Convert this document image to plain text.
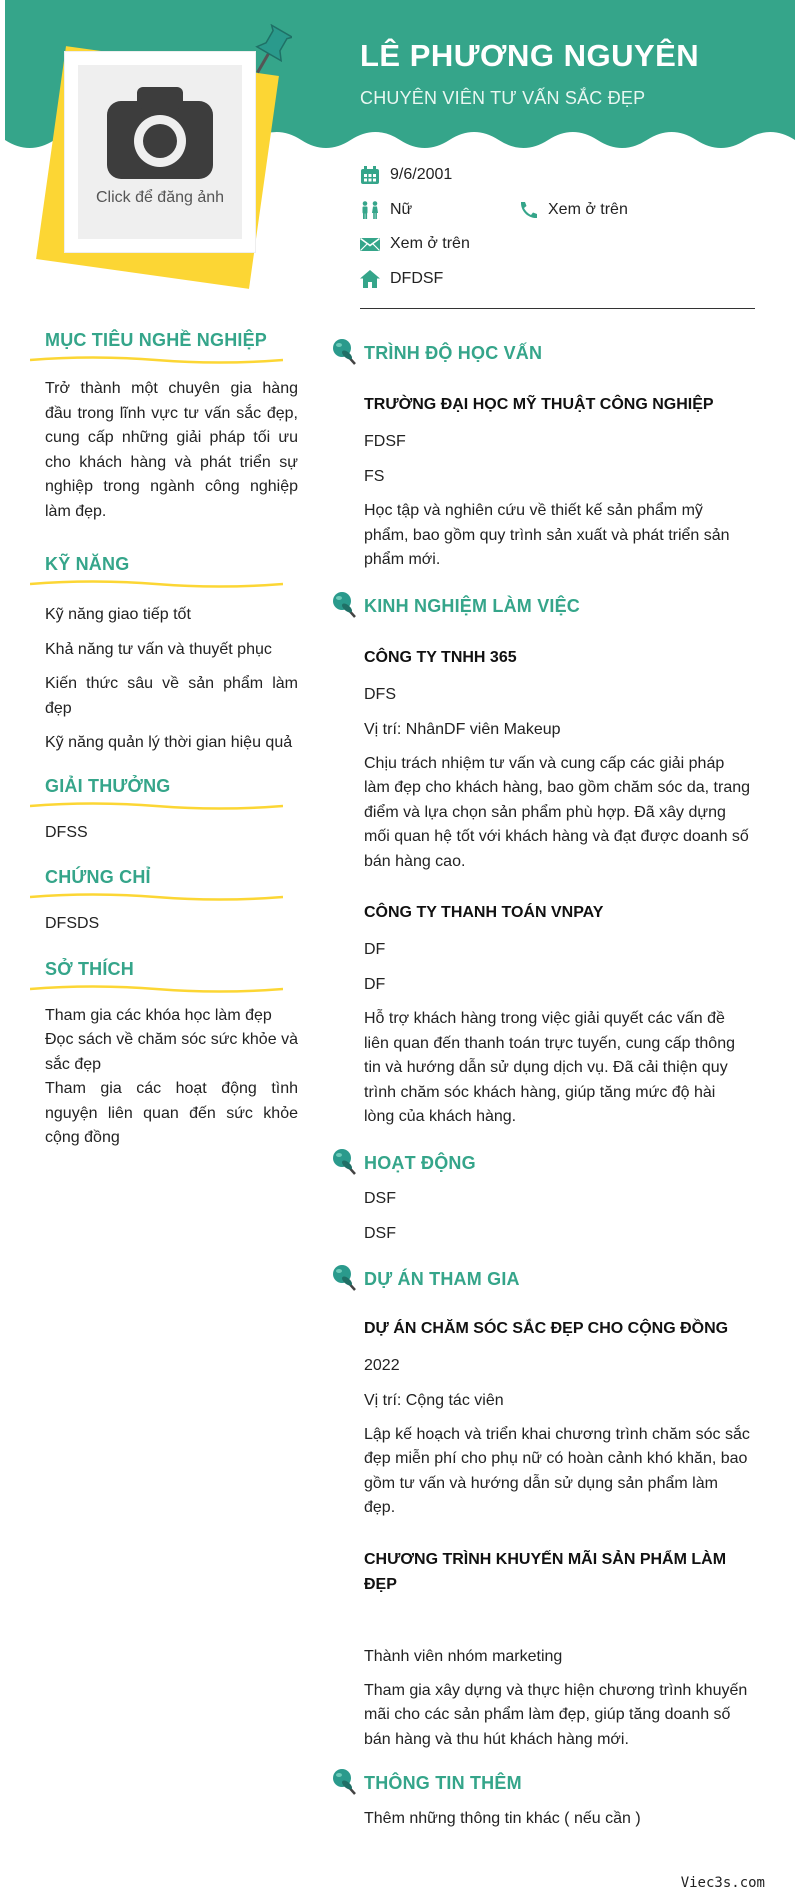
LÊ PHƯƠNG NGUYÊN
CHUYÊN VIÊN TƯ VẤN SẮC ĐẸP
Click để đăng ảnh
9/6/2001
Nữ	Xem ở trên
Xem ở trên
DFDSF
MỤC TIÊU NGHỀ NGHIỆP

Trở thành một chuyên gia hàng đầu trong lĩnh vực tư vấn sắc đẹp, cung cấp những giải pháp tối ưu cho khách hàng và phát triển sự nghiệp trong ngành công nghiệp làm đẹp.

KỸ NĂNG
Kỹ năng giao tiếp tốt
Khả năng tư vấn và thuyết phục
Kiến thức sâu về sản phẩm làm đẹp
Kỹ năng quản lý thời gian hiệu quả
GIẢI THƯỞNG
DFSS
CHỨNG CHỈ
DFSDS
SỞ THÍCH
Tham gia các khóa học làm đẹp
Đọc sách về chăm sóc sức khỏe và sắc đẹp
Tham gia các hoạt động tình nguyện liên quan đến sức khỏe cộng đồng
TRÌNH ĐỘ HỌC VẤN
TRƯỜNG ĐẠI HỌC MỸ THUẬT CÔNG NGHIỆP
FDSF
FS
Học tập và nghiên cứu về thiết kế sản phẩm mỹ phẩm, bao gồm quy trình sản xuất và phát triển sản phẩm mới.
KINH NGHIỆM LÀM VIỆC
CÔNG TY TNHH 365
DFS
Vị trí: NhânDF viên Makeup
Chịu trách nhiệm tư vấn và cung cấp các giải pháp làm đẹp cho khách hàng, bao gồm chăm sóc da, trang điểm và lựa chọn sản phẩm phù hợp. Đã xây dựng mối quan hệ tốt với khách hàng và đạt được doanh số bán hàng cao.
CÔNG TY THANH TOÁN VNPAY
DF
DF
Hỗ trợ khách hàng trong việc giải quyết các vấn đề liên quan đến thanh toán trực tuyến, cung cấp thông tin và hướng dẫn sử dụng dịch vụ. Đã cải thiện quy trình chăm sóc khách hàng, giúp tăng mức độ hài lòng của khách hàng.
HOẠT ĐỘNG
DSF
DSF
DỰ ÁN THAM GIA
DỰ ÁN CHĂM SÓC SẮC ĐẸP CHO CỘNG ĐỒNG
2022
Vị trí: Cộng tác viên
Lập kế hoạch và triển khai chương trình chăm sóc sắc đẹp miễn phí cho phụ nữ có hoàn cảnh khó khăn, bao gồm tư vấn và hướng dẫn sử dụng sản phẩm làm đẹp.
CHƯƠNG TRÌNH KHUYẾN MÃI SẢN PHẨM LÀM ĐẸP
Thành viên nhóm marketing
Tham gia xây dựng và thực hiện chương trình khuyến mãi cho các sản phẩm làm đẹp, giúp tăng doanh số bán hàng và thu hút khách hàng mới.
THÔNG TIN THÊM
Thêm những thông tin khác ( nếu cần )
Viec3s.com
